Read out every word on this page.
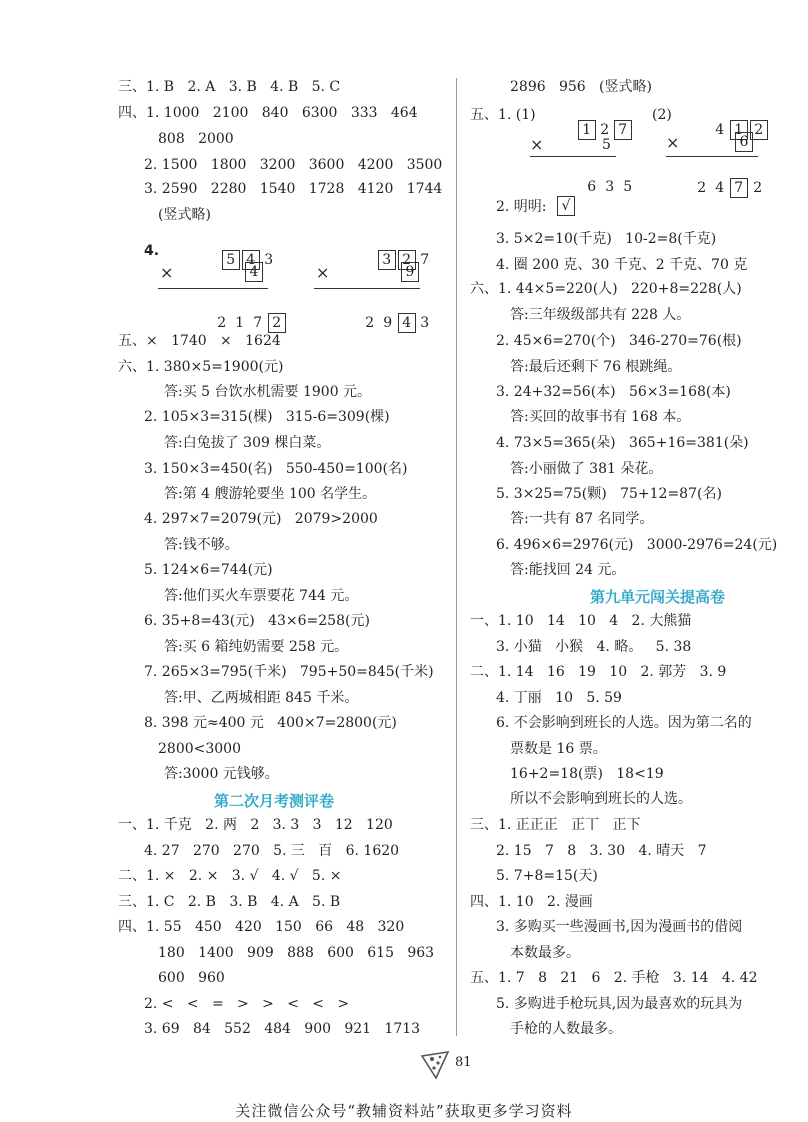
三、1. B   2. A   3. B   4. B   5. C
四、1. 1000   2100   840   6300   333   464
808   2000
2. 1500   1800   3200   3600   4200   3500
3. 2590   2280   1540   1728   4120   1744
(竖式略)
4.

5 4 3

×	4

2 1 7 2

3 2 7

×	9

2 9 4 3

五、×   1740   ×   1624
六、1. 380×5=1900(元)
答:买 5 台饮水机需要 1900 元。
2. 105×3=315(棵)   315-6=309(棵)
答:白兔拔了 309 棵白菜。
3. 150×3=450(名)   550-450=100(名)
答:第 4 艘游轮要坐 100 名学生。
4. 297×7=2079(元)   2079>2000
答:钱不够。
5. 124×6=744(元)
答:他们买火车票要花 744 元。
6. 35+8=43(元)   43×6=258(元)
答:买 6 箱纯奶需要 258 元。
7. 265×3=795(千米)   795+50=845(千米)
答:甲、乙两城相距 845 千米。
8. 398 元≈400 元   400×7=2800(元)
2800<3000
答:3000 元钱够。
第二次月考测评卷
一、1. 千克   2. 两   2   3. 3   3   12   120
4. 27   270   270   5. 三   百   6. 1620
二、1. ×   2. ×   3. √   4. √   5. ×
三、1. C   2. B   3. B   4. A   5. B
四、1. 55   450   420   150   66   48   320
180   1400   909   888   600   615   963
600   960
2. <   <   =   >   >   <   <   >
3. 69   84   552   484   900   921   1713
2896   956   (竖式略)
五、1. (1)

1 2 7

×	5

6 3 5

(2)

4 1 2

×	6

2 4 7 2

2. 明明:	√
3. 5×2=10(千克)   10-2=8(千克)
4. 圈 200 克、30 千克、2 千克、70 克
六、1. 44×5=220(人)   220+8=228(人)
答:三年级级部共有 228 人。
2. 45×6=270(个)   346-270=76(根)
答:最后还剩下 76 根跳绳。
3. 24+32=56(本)   56×3=168(本)
答:买回的故事书有 168 本。
4. 73×5=365(朵)   365+16=381(朵)
答:小丽做了 381 朵花。
5. 3×25=75(颗)   75+12=87(名)
答:一共有 87 名同学。
6. 496×6=2976(元)   3000-2976=24(元)
答:能找回 24 元。
第九单元闯关提高卷
一、1. 10   14   10   4   2. 大熊猫
3. 小猫   小猴   4. 略。   5. 38
二、1. 14   16   19   10   2. 郭芳   3. 9
4. 丁丽   10   5. 59
6. 不会影响到班长的人选。因为第二名的
票数是 16 票。
16+2=18(票)   18<19
所以不会影响到班长的人选。
三、1. 正正正   正丅   正下
2. 15   7   8   3. 30   4. 晴天   7
5. 7+8=15(天)
四、1. 10   2. 漫画
3. 多购买一些漫画书,因为漫画书的借阅
本数最多。
五、1. 7   8   21   6   2. 手枪   3. 14   4. 42
5. 多购进手枪玩具,因为最喜欢的玩具为
手枪的人数最多。
81
关注微信公众号“教辅资料站”获取更多学习资料
